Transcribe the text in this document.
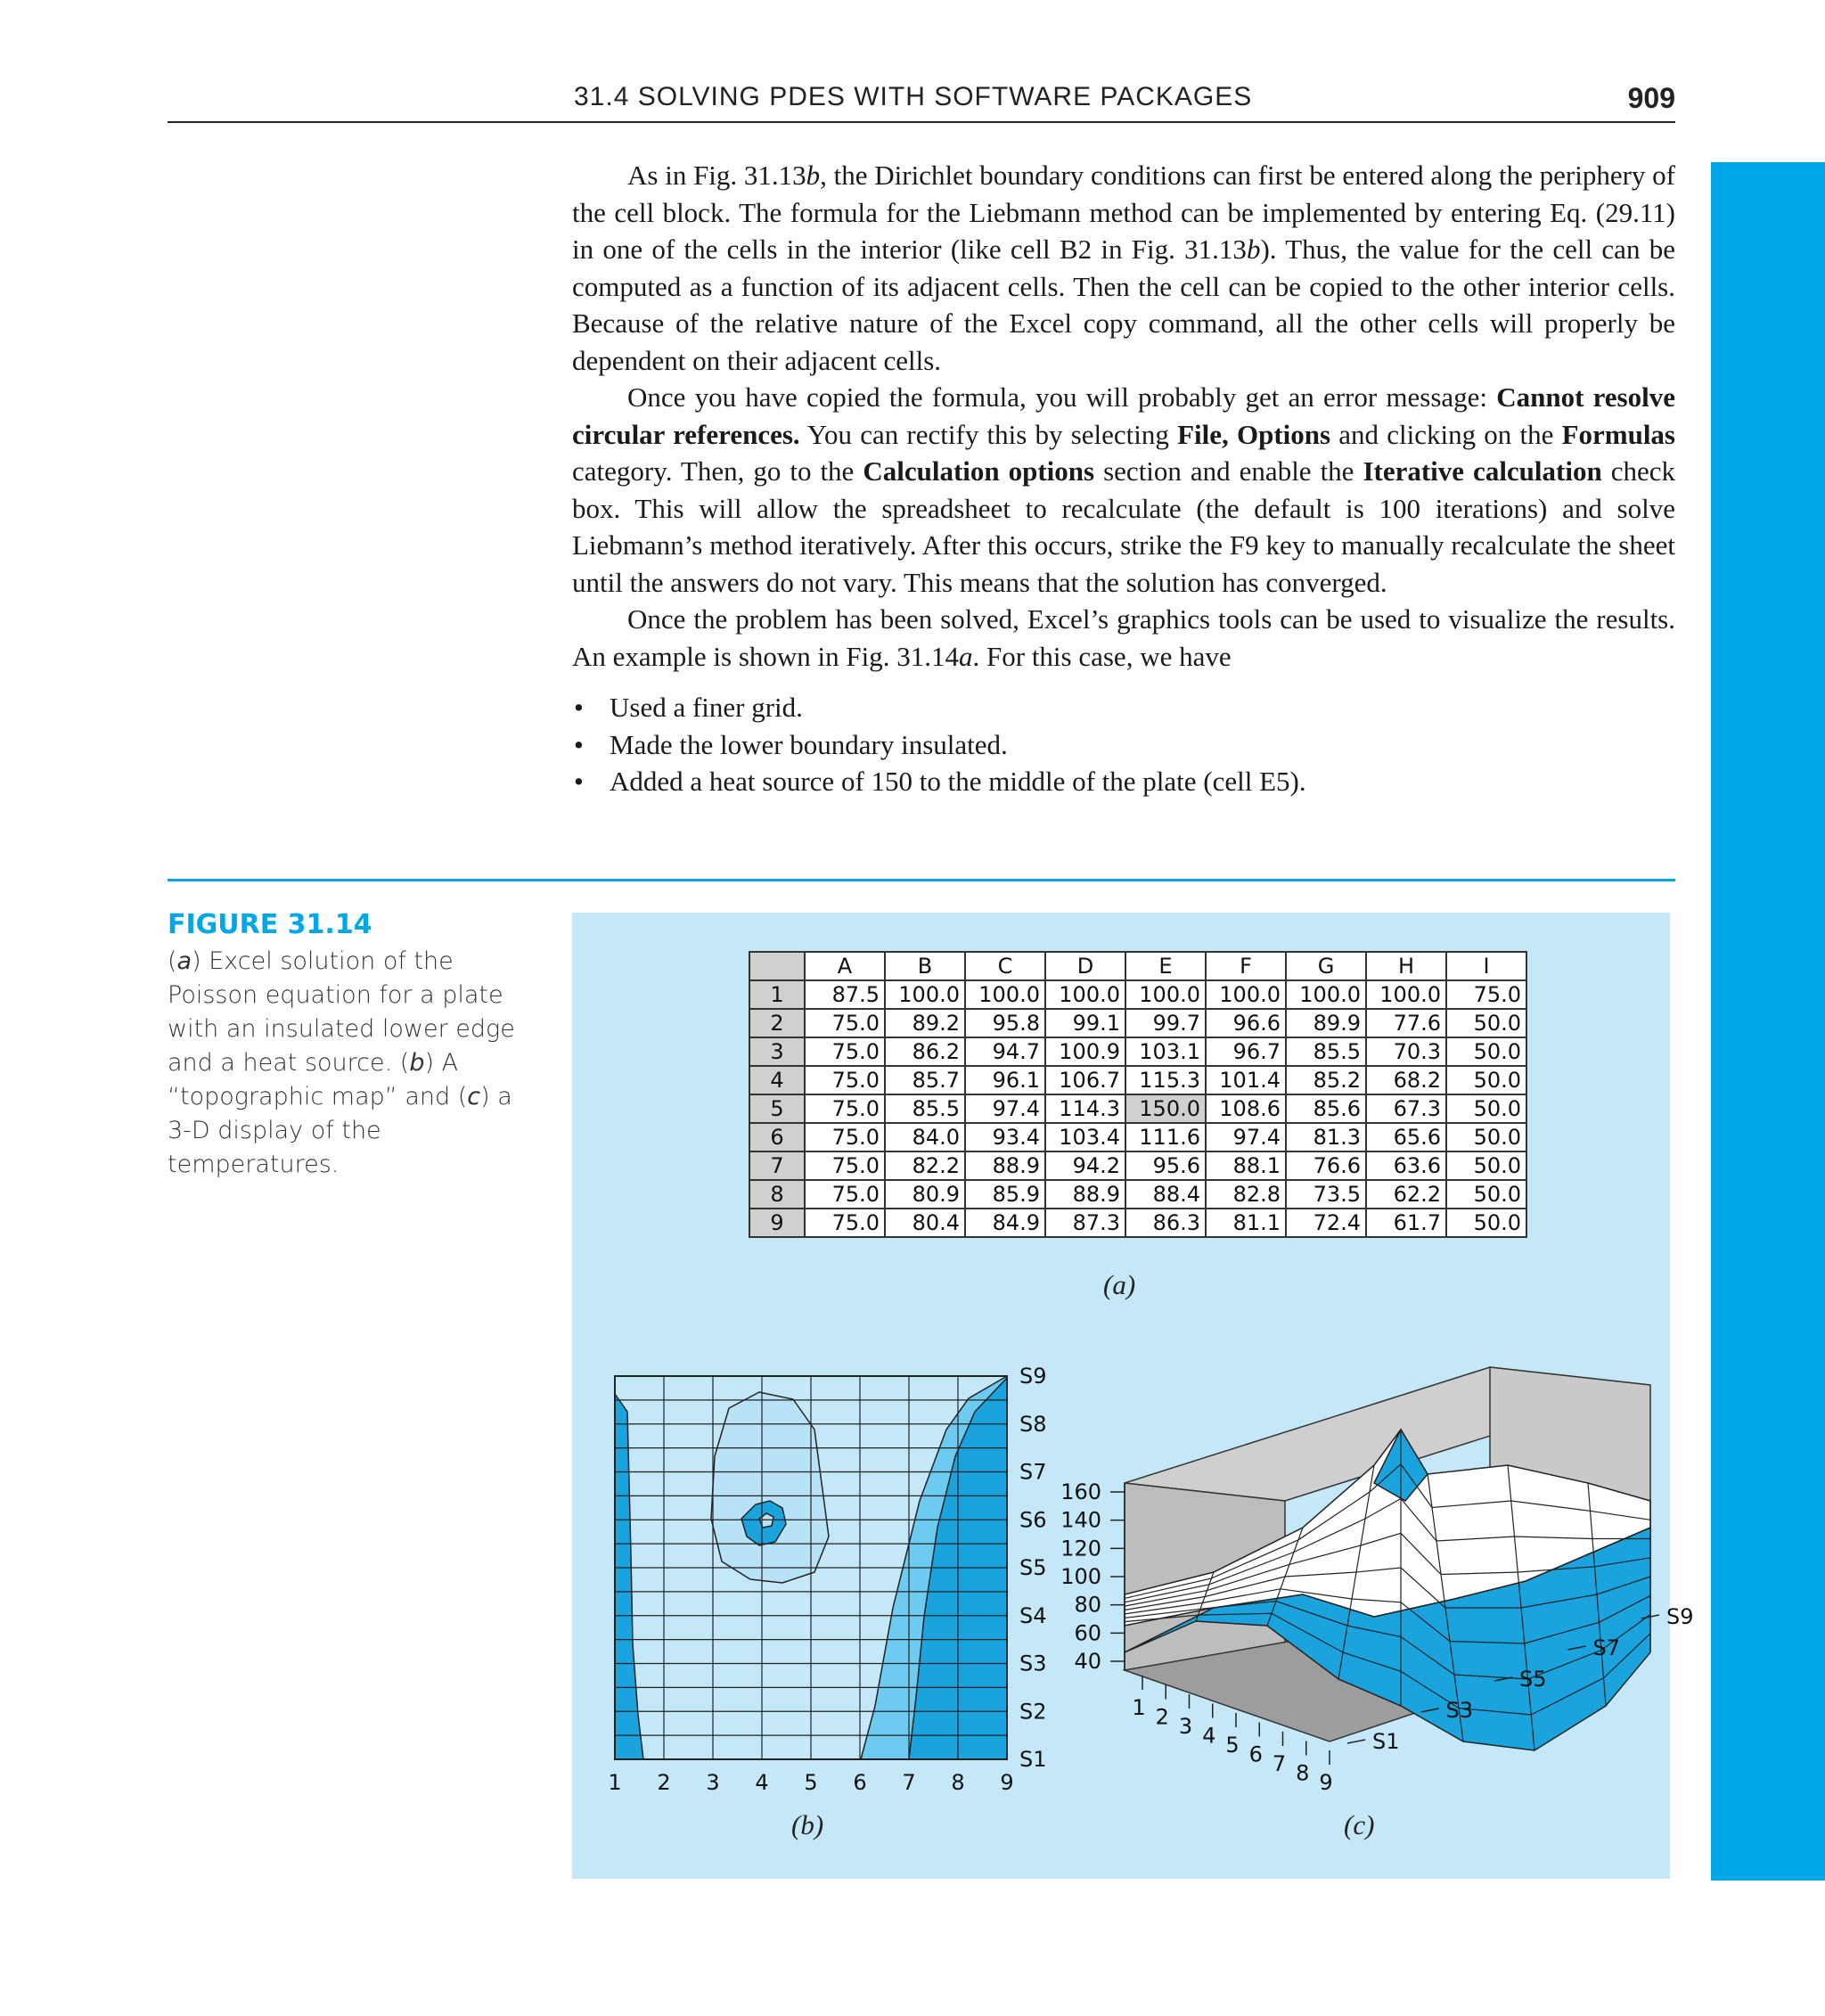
31.4 SOLVING PDES WITH SOFTWARE PACKAGES	909

As in Fig. 31.13b, the Dirichlet boundary conditions can first be entered along the periphery of the cell block. The formula for the Liebmann method can be implemented by entering Eq. (29.11) in one of the cells in the interior (like cell B2 in Fig. 31.13b). Thus, the value for the cell can be computed as a function of its adjacent cells. Then the cell can be copied to the other interior cells. Because of the relative nature of the Excel copy command, all the other cells will properly be dependent on their adjacent cells.

Once you have copied the formula, you will probably get an error message: Cannot resolve circular references. You can rectify this by selecting File, Options and clicking on the Formulas category. Then, go to the Calculation options section and enable the Iterative calculation check box. This will allow the spreadsheet to recalculate (the default is 100 iterations) and solve Liebmann’s method iteratively. After this occurs, strike the F9 key to manually recalculate the sheet until the answers do not vary. This means that the solution has converged.

Once the problem has been solved, Excel’s graphics tools can be used to visualize the results. An example is shown in Fig. 31.14a. For this case, we have

• Used a finer grid.
• Made the lower boundary insulated.
• Added a heat source of 150 to the middle of the plate (cell E5).
FIGURE 31.14
(a) Excel solution of the Poisson equation for a plate with an insulated lower edge and a heat source. (b) A “topographic map” and (c) a 3-D display of the temperatures.
	A	B	C	D	E	F	G	H	I
1	87.5	100.0	100.0	100.0	100.0	100.0	100.0	100.0	75.0
2	75.0	89.2	95.8	99.1	99.7	96.6	89.9	77.6	50.0
3	75.0	86.2	94.7	100.9	103.1	96.7	85.5	70.3	50.0
4	75.0	85.7	96.1	106.7	115.3	101.4	85.2	68.2	50.0
5	75.0	85.5	97.4	114.3	150.0	108.6	85.6	67.3	50.0
6	75.0	84.0	93.4	103.4	111.6	97.4	81.3	65.6	50.0
7	75.0	82.2	88.9	94.2	95.6	88.1	76.6	63.6	50.0
8	75.0	80.9	85.9	88.9	88.4	82.8	73.5	62.2	50.0
9	75.0	80.4	84.9	87.3	86.3	81.1	72.4	61.7	50.0
(a)
1 2 3 4 5 6 7 8 9
S1
S2
S3
S4
S5
S6
S7
S8
S9
(b)
40
60
80
100
120
140
160
1 2 3 4 5 6 7 8 9
S1
S3
S5
S7
S9
(c)
